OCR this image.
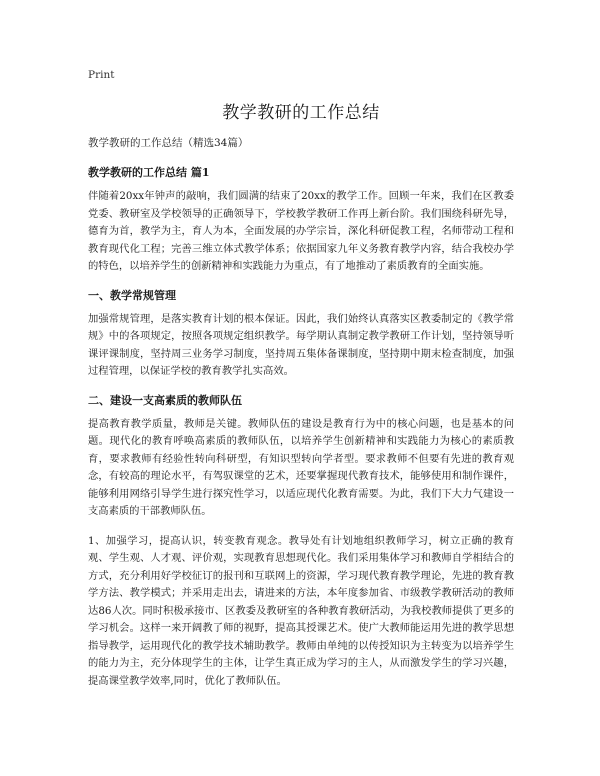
Print
教学教研的工作总结
教学教研的工作总结（精选34篇）
教学教研的工作总结 篇1

伴随着20xx年钟声的敲响，我们圆满的结束了20xx的教学工作。回顾一年来，我们在区教委党委、教研室及学校领导的正确领导下，学校教学教研工作再上新台阶。我们围绕科研先导，德育为首，教学为主，育人为本，全面发展的办学宗旨，深化科研促教工程，名师带动工程和教育现代化工程；完善三维立体式教学体系；依据国家九年义务教育教学内容，结合我校办学的特色，以培养学生的创新精神和实践能力为重点，有了地推动了素质教育的全面实施。

一、教学常规管理

加强常规管理，是落实教育计划的根本保证。因此，我们始终认真落实区教委制定的《教学常规》中的各项规定，按照各项规定组织教学。每学期认真制定教学教研工作计划，坚持领导听课评课制度，坚持周三业务学习制度，坚持周五集体备课制度，坚持期中期末检查制度，加强过程管理，以保证学校的教育教学扎实高效。

二、建设一支高素质的教师队伍

提高教育教学质量，教师是关键。教师队伍的建设是教育行为中的核心问题，也是基本的问题。现代化的教育呼唤高素质的教师队伍，以培养学生创新精神和实践能力为核心的素质教育，要求教师有经验性转向科研型，有知识型转向学者型。要求教师不但要有先进的教育观念，有较高的理论水平，有驾驭课堂的艺术，还要掌握现代教育技术，能够使用和制作课件，能够利用网络引导学生进行探究性学习，以适应现代化教育需要。为此，我们下大力气建设一支高素质的干部教师队伍。

1、加强学习，提高认识，转变教育观念。教导处有计划地组织教师学习，树立正确的教育观、学生观、人才观、评价观，实现教育思想现代化。我们采用集体学习和教师自学相结合的方式，充分利用好学校征订的报刊和互联网上的资源，学习现代教育教学理论，先进的教育教学方法、教学模式；并采用走出去，请进来的方法，本年度参加省、市级教学教研活动的教师达86人次。同时积极承接市、区教委及教研室的各种教育教研活动，为我校教师提供了更多的学习机会。这样一来开阔教了师的视野，提高其授课艺术。使广大教师能运用先进的教学思想指导教学，运用现代化的教学技术辅助教学。教师由单纯的以传授知识为主转变为以培养学生的能力为主，充分体现学生的主体，让学生真正成为学习的主人，从而激发学生的学习兴趣，提高课堂教学效率,同时，优化了教师队伍。
